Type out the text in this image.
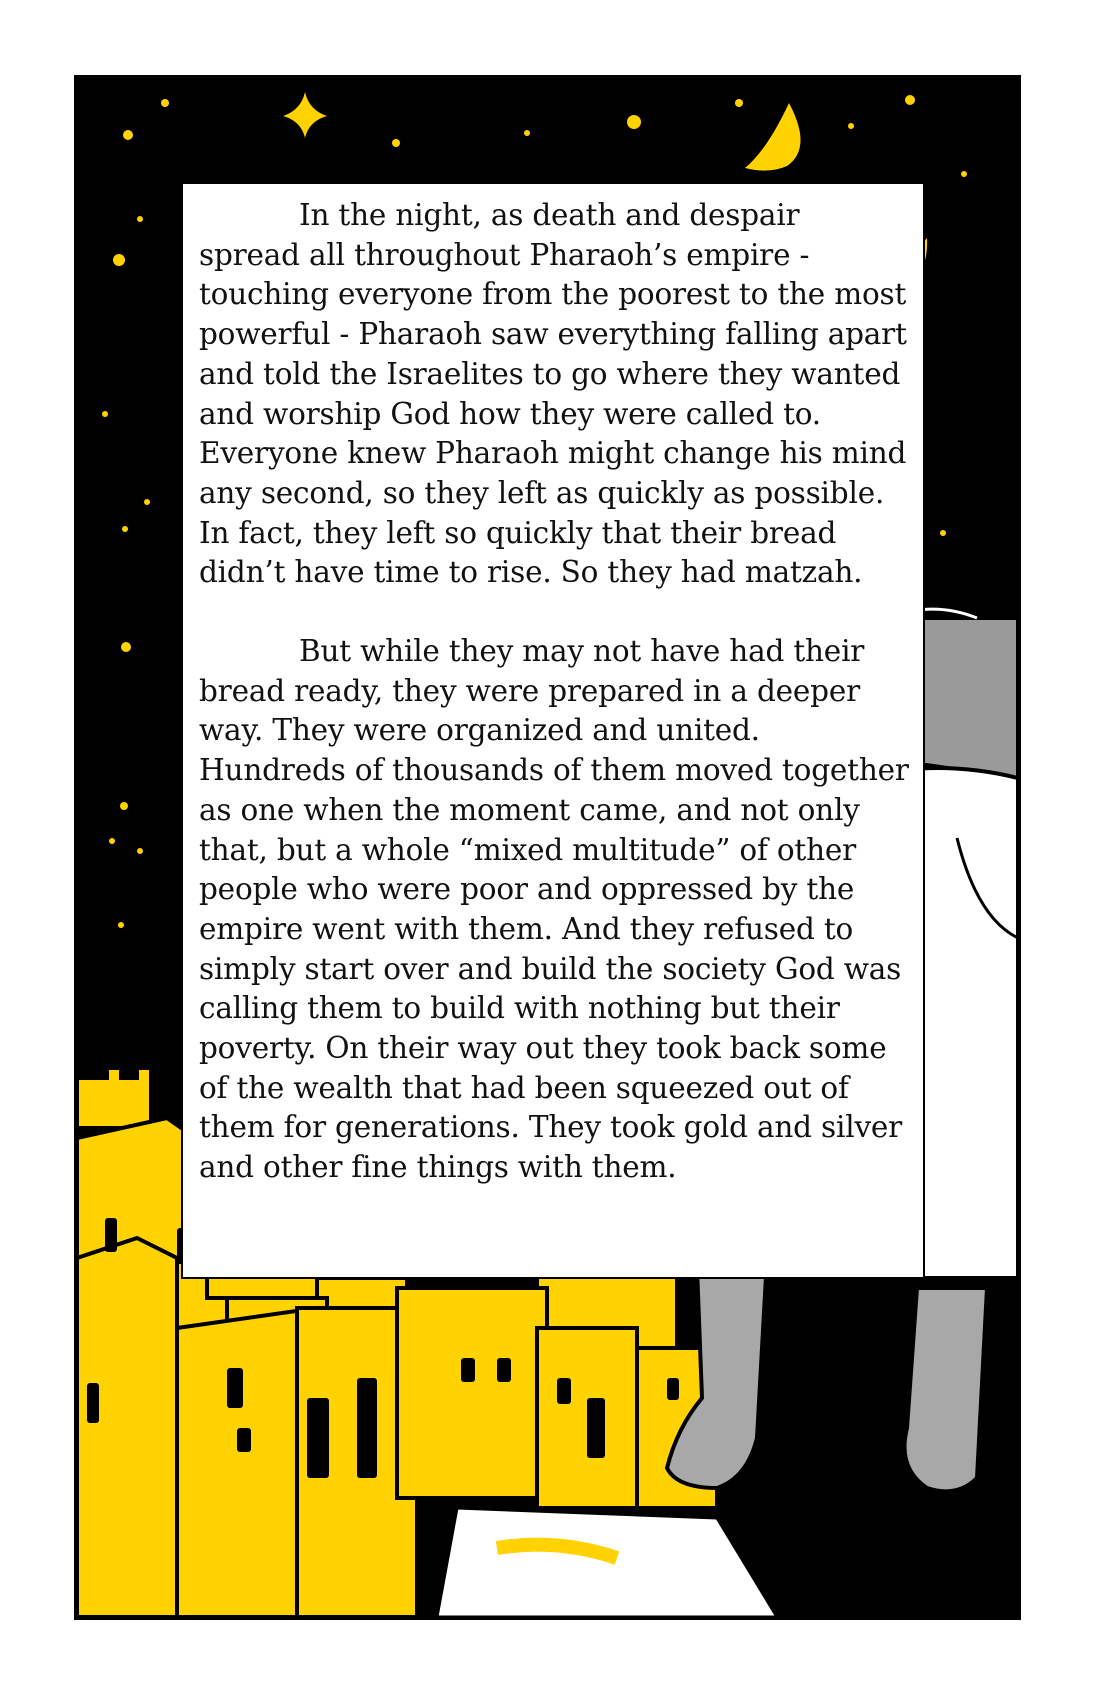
In the night, as death and despair spread all throughout Pharaoh’s empire - touching everyone from the poorest to the most powerful - Pharaoh saw everything falling apart and told the Israelites to go where they wanted and worship God how they were called to. Everyone knew Pharaoh might change his mind any second, so they left as quickly as possible. In fact, they left so quickly that their bread didn’t have time to rise. So they had matzah.

But while they may not have had their bread ready, they were prepared in a deeper way. They were organized and united. Hundreds of thousands of them moved together as one when the moment came, and not only that, but a whole “mixed multitude” of other people who were poor and oppressed by the empire went with them. And they refused to simply start over and build the society God was calling them to build with nothing but their poverty. On their way out they took back some of the wealth that had been squeezed out of them for generations. They took gold and silver and other fine things with them.
